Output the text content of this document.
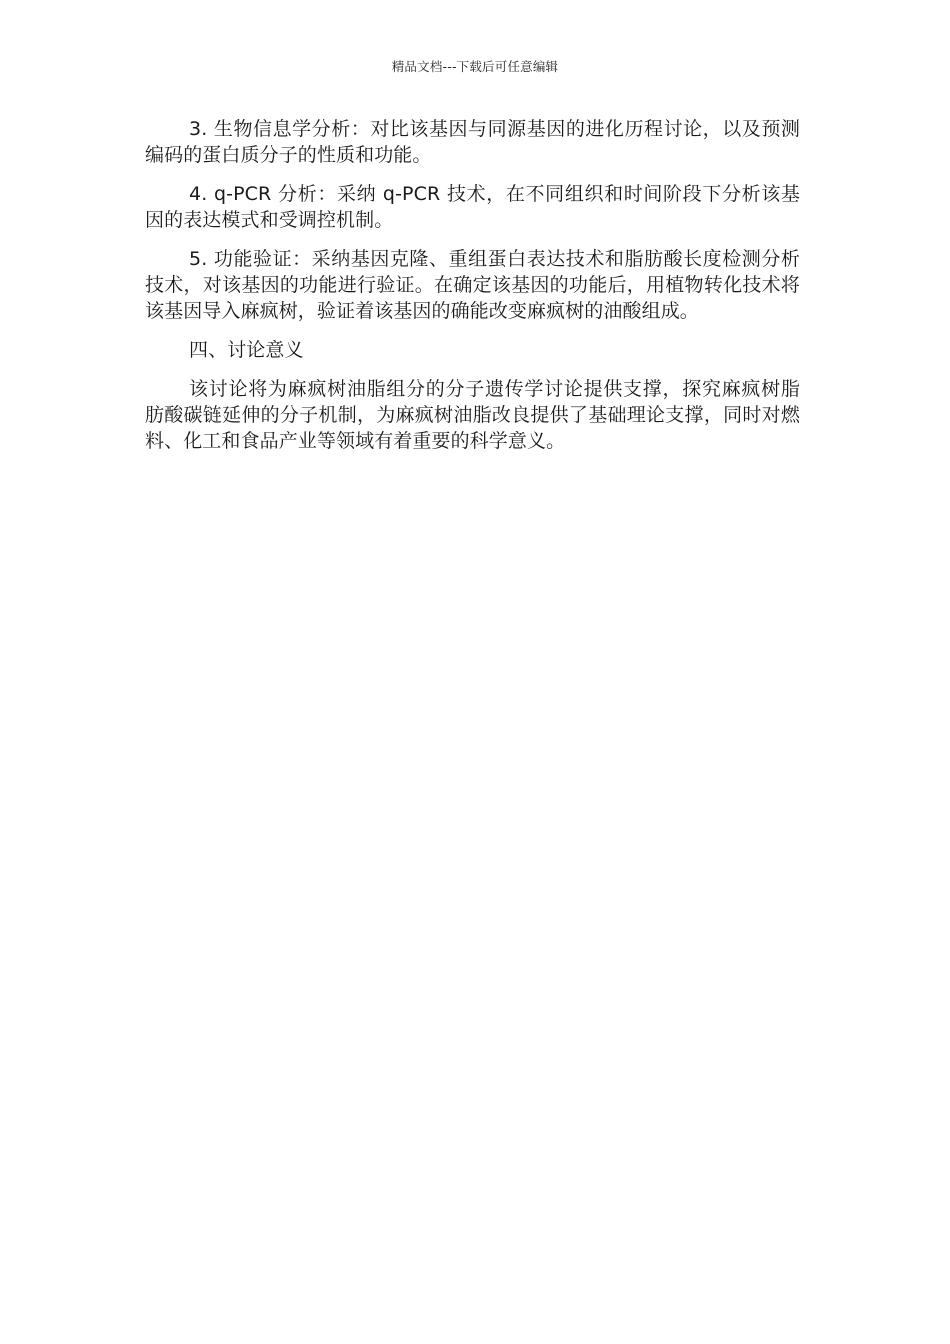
精品文档---下载后可任意编辑

3. 生物信息学分析：对比该基因与同源基因的进化历程讨论，以及预测编码的蛋白质分子的性质和功能。

4. q-PCR 分析：采纳 q-PCR 技术，在不同组织和时间阶段下分析该基因的表达模式和受调控机制。

5. 功能验证：采纳基因克隆、重组蛋白表达技术和脂肪酸长度检测分析技术，对该基因的功能进行验证。在确定该基因的功能后，用植物转化技术将该基因导入麻疯树，验证着该基因的确能改变麻疯树的油酸组成。

四、讨论意义

该讨论将为麻疯树油脂组分的分子遗传学讨论提供支撑，探究麻疯树脂肪酸碳链延伸的分子机制，为麻疯树油脂改良提供了基础理论支撑，同时对燃料、化工和食品产业等领域有着重要的科学意义。
